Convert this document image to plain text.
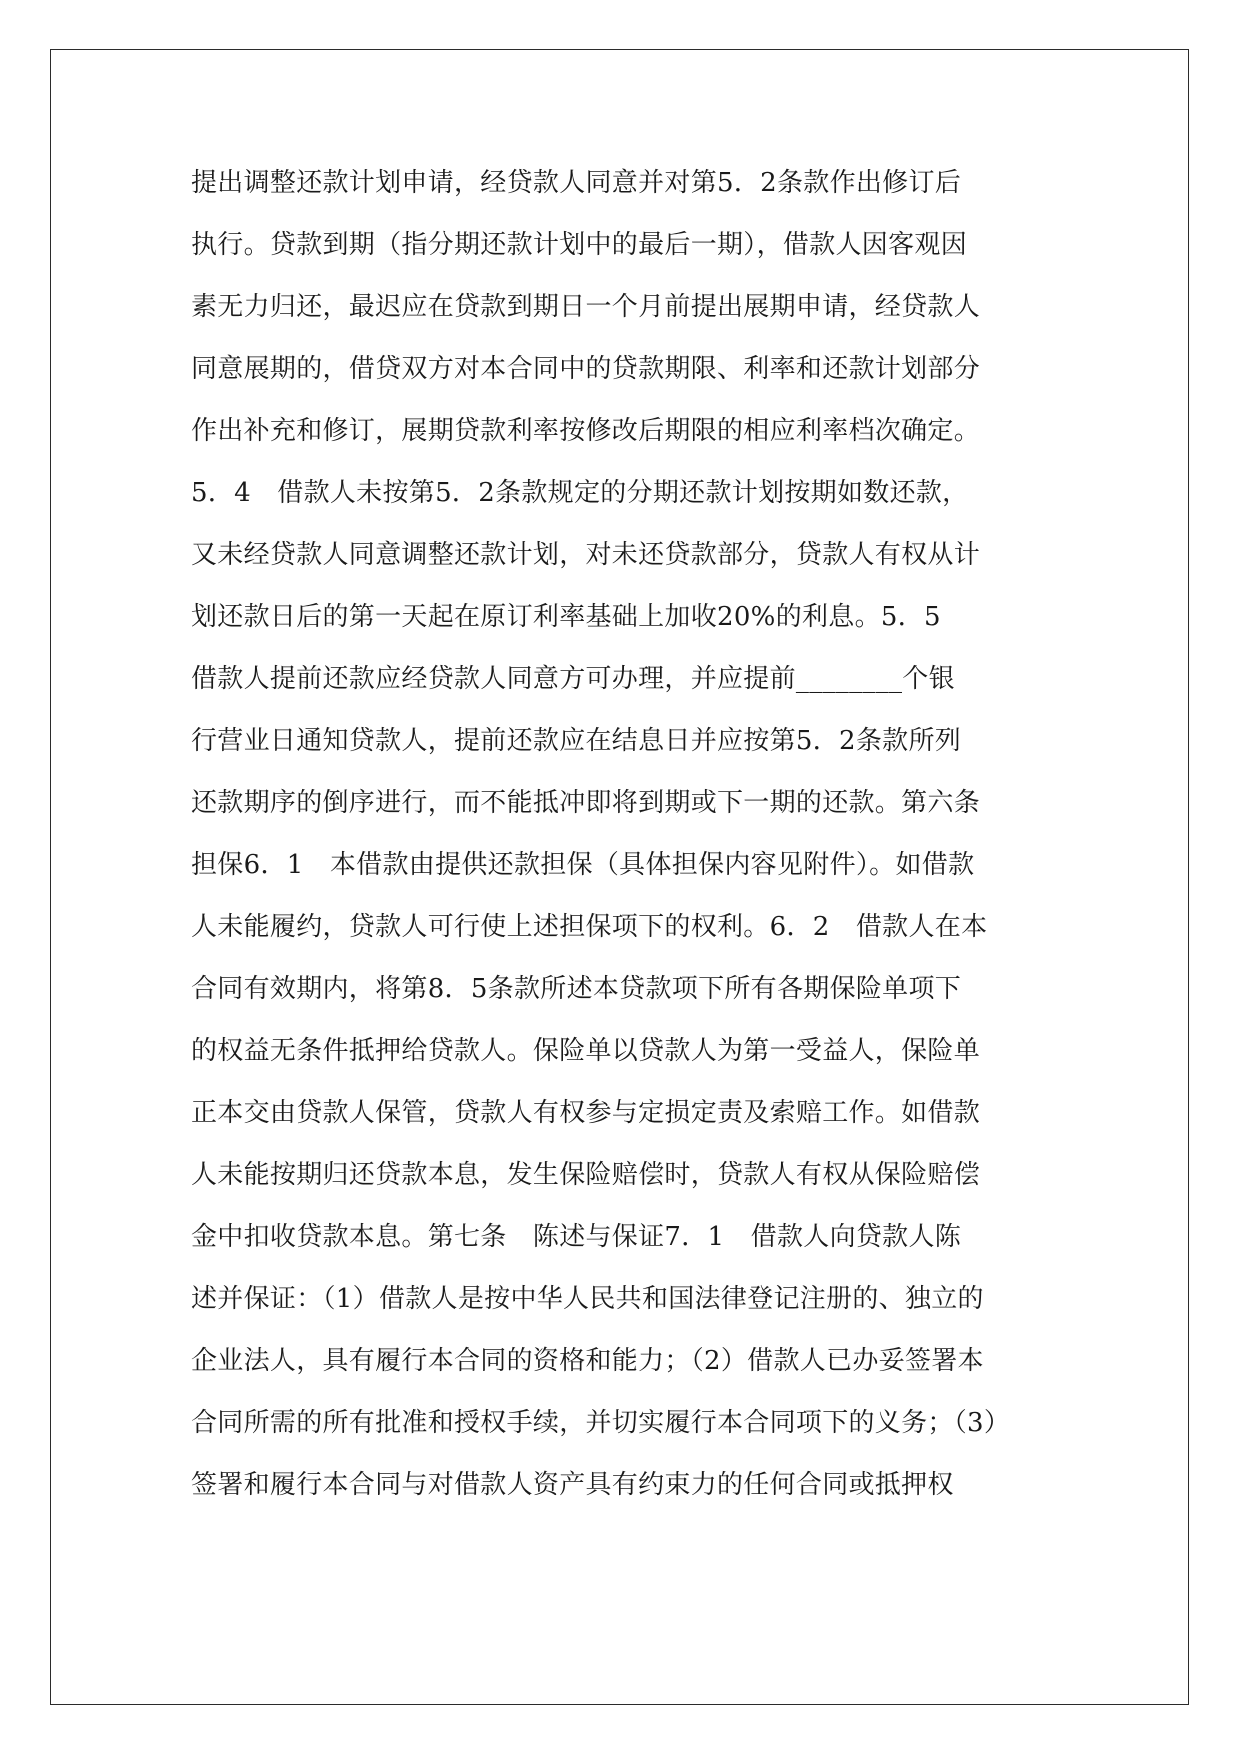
提出调整还款计划申请，经贷款人同意并对第5．2条款作出修订后
执行。贷款到期（指分期还款计划中的最后一期），借款人因客观因
素无力归还，最迟应在贷款到期日一个月前提出展期申请，经贷款人
同意展期的，借贷双方对本合同中的贷款期限、利率和还款计划部分
作出补充和修订，展期贷款利率按修改后期限的相应利率档次确定。
5．4　借款人未按第5．2条款规定的分期还款计划按期如数还款，
又未经贷款人同意调整还款计划，对未还贷款部分，贷款人有权从计
划还款日后的第一天起在原订利率基础上加收20%的利息。5．5
借款人提前还款应经贷款人同意方可办理，并应提前________个银
行营业日通知贷款人，提前还款应在结息日并应按第5．2条款所列
还款期序的倒序进行，而不能抵冲即将到期或下一期的还款。第六条
担保6．1　本借款由提供还款担保（具体担保内容见附件）。如借款
人未能履约，贷款人可行使上述担保项下的权利。6．2　借款人在本
合同有效期内，将第8．5条款所述本贷款项下所有各期保险单项下
的权益无条件抵押给贷款人。保险单以贷款人为第一受益人，保险单
正本交由贷款人保管，贷款人有权参与定损定责及索赔工作。如借款
人未能按期归还贷款本息，发生保险赔偿时，贷款人有权从保险赔偿
金中扣收贷款本息。第七条　陈述与保证7．1　借款人向贷款人陈
述并保证：（1）借款人是按中华人民共和国法律登记注册的、独立的
企业法人，具有履行本合同的资格和能力；（2）借款人已办妥签署本
合同所需的所有批准和授权手续，并切实履行本合同项下的义务；（3）
签署和履行本合同与对借款人资产具有约束力的任何合同或抵押权
